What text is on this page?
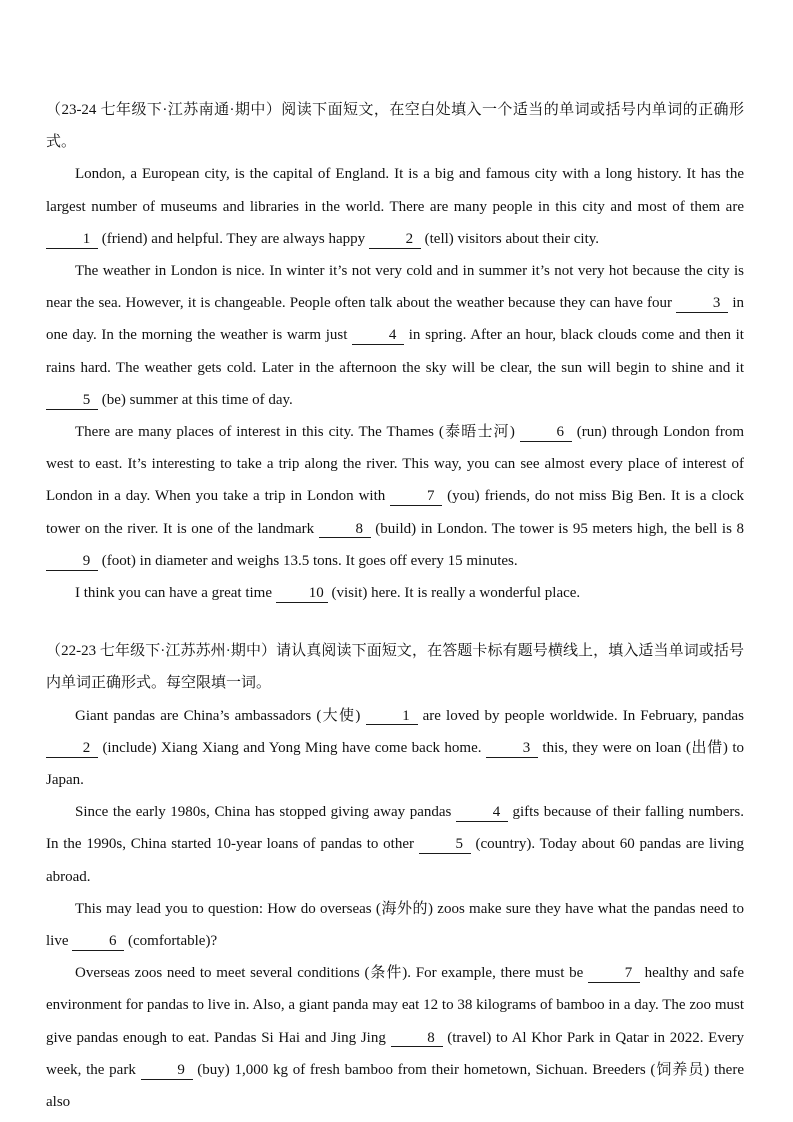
（23-24 七年级下·江苏南通·期中）阅读下面短文，在空白处填入一个适当的单词或括号内单词的正确形式。

London, a European city, is the capital of England. It is a big and famous city with a long history. It has the largest number of museums and libraries in the world. There are many people in this city and most of them are 1 (friend) and helpful. They are always happy 2 (tell) visitors about their city.

The weather in London is nice. In winter it’s not very cold and in summer it’s not very hot because the city is near the sea. However, it is changeable. People often talk about the weather because they can have four 3 in one day. In the morning the weather is warm just 4 in spring. After an hour, black clouds come and then it rains hard. The weather gets cold. Later in the afternoon the sky will be clear, the sun will begin to shine and it 5 (be) summer at this time of day.

There are many places of interest in this city. The Thames (泰晤士河) 6 (run) through London from west to east. It’s interesting to take a trip along the river. This way, you can see almost every place of interest of London in a day. When you take a trip in London with 7 (you) friends, do not miss Big Ben. It is a clock tower on the river. It is one of the landmark 8 (build) in London. The tower is 95 meters high, the bell is 8 9 (foot) in diameter and weighs 13.5 tons. It goes off every 15 minutes.

I think you can have a great time 10 (visit) here. It is really a wonderful place.

（22-23 七年级下·江苏苏州·期中）请认真阅读下面短文，在答题卡标有题号横线上，填入适当单词或括号内单词正确形式。每空限填一词。

Giant pandas are China’s ambassadors (大使) 1 are loved by people worldwide. In February, pandas 2 (include) Xiang Xiang and Yong Ming have come back home. 3 this, they were on loan (出借) to Japan.

Since the early 1980s, China has stopped giving away pandas 4 gifts because of their falling numbers. In the 1990s, China started 10-year loans of pandas to other 5 (country). Today about 60 pandas are living abroad.

This may lead you to question: How do overseas (海外的) zoos make sure they have what the pandas need to live 6 (comfortable)?

Overseas zoos need to meet several conditions (条件). For example, there must be 7 healthy and safe environment for pandas to live in. Also, a giant panda may eat 12 to 38 kilograms of bamboo in a day. The zoo must give pandas enough to eat. Pandas Si Hai and Jing Jing 8 (travel) to Al Khor Park in Qatar in 2022. Every week, the park 9 (buy) 1,000 kg of fresh bamboo from their hometown, Sichuan. Breeders (饲养员) there also
